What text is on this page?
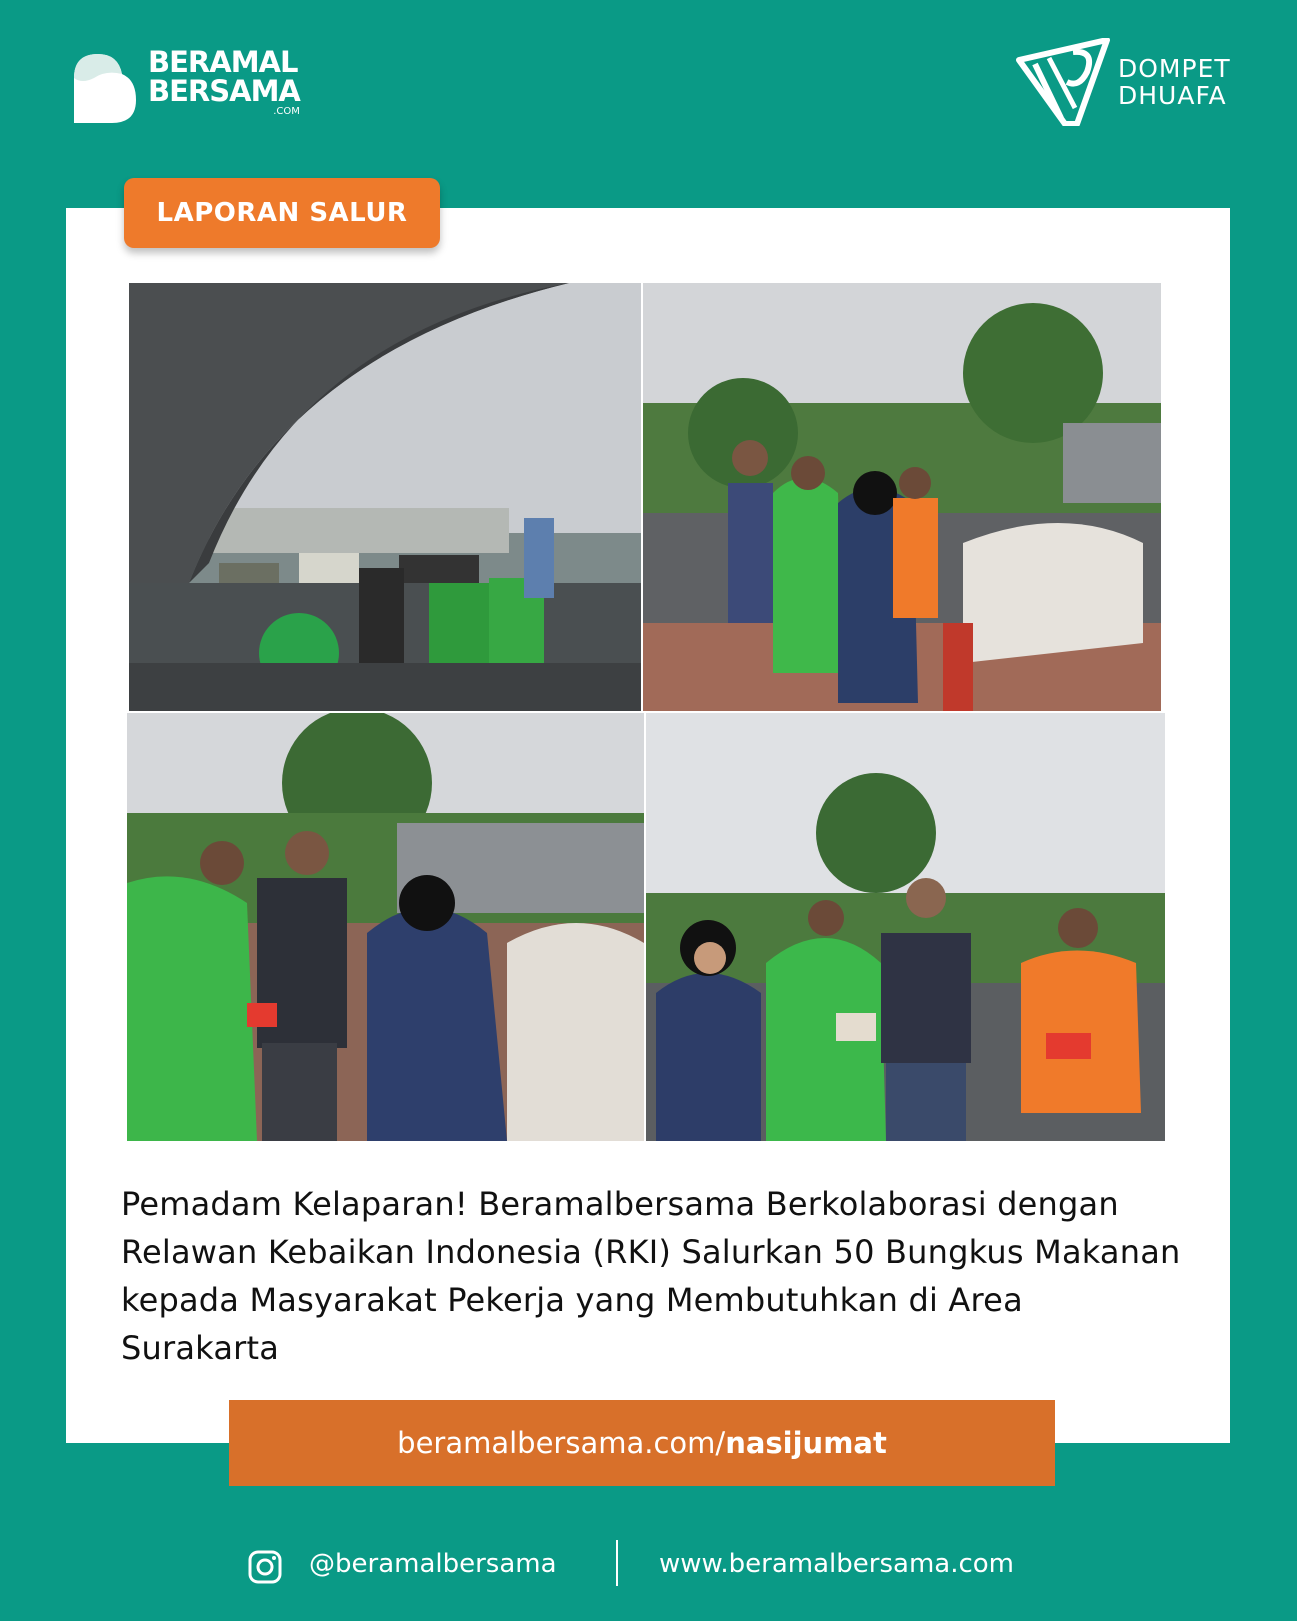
BERAMAL
BERSAMA
.COM
DOMPET
DHUAFA
LAPORAN SALUR

Pemadam Kelaparan! Beramalbersama Berkolaborasi dengan Relawan Kebaikan Indonesia (RKI) Salurkan 50 Bungkus Makanan kepada Masyarakat Pekerja yang Membutuhkan di Area Surakarta

beramalbersama.com/ nasijumat
@beramalbersama	www.beramalbersama.com
